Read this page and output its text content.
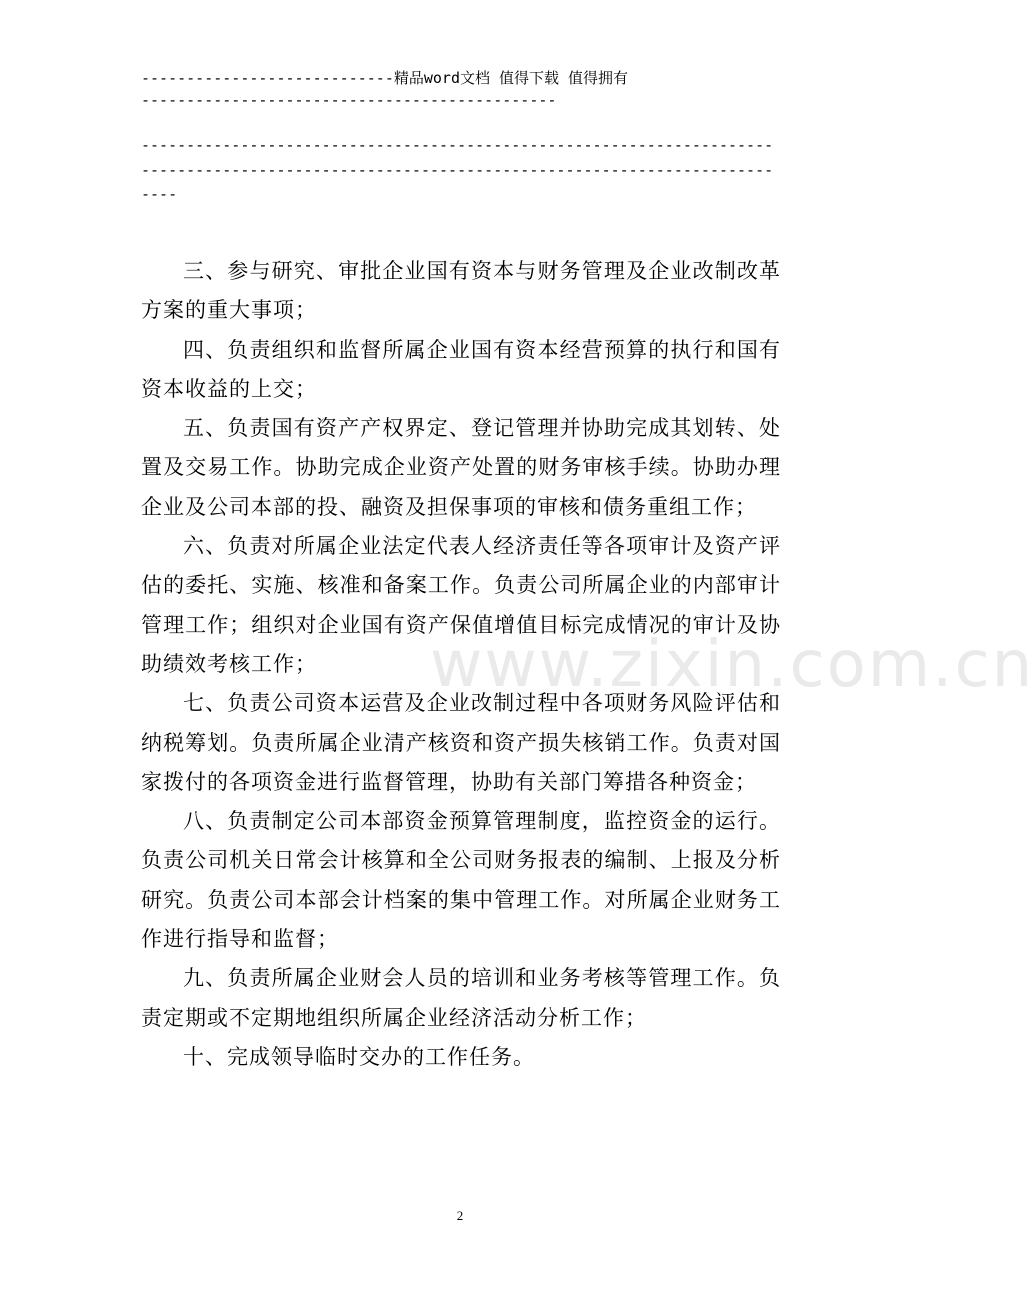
----------------------------精品word文档 值得下载 值得拥有
----------------------------------------------
----------------------------------------------------------------------
----------------------------------------------------------------------
----
www.zixin.com.cn

三、参与研究、审批企业国有资本与财务管理及企业改制改革方案的重大事项；

四、负责组织和监督所属企业国有资本经营预算的执行和国有资本收益的上交；

五、负责国有资产产权界定、登记管理并协助完成其划转、处置及交易工作。协助完成企业资产处置的财务审核手续。协助办理企业及公司本部的投、融资及担保事项的审核和债务重组工作；

六、负责对所属企业法定代表人经济责任等各项审计及资产评估的委托、实施、核准和备案工作。负责公司所属企业的内部审计管理工作；组织对企业国有资产保值增值目标完成情况的审计及协助绩效考核工作；

七、负责公司资本运营及企业改制过程中各项财务风险评估和纳税筹划。负责所属企业清产核资和资产损失核销工作。负责对国家拨付的各项资金进行监督管理，协助有关部门筹措各种资金；

八、负责制定公司本部资金预算管理制度，监控资金的运行。负责公司机关日常会计核算和全公司财务报表的编制、上报及分析研究。负责公司本部会计档案的集中管理工作。对所属企业财务工作进行指导和监督；

九、负责所属企业财会人员的培训和业务考核等管理工作。负责定期或不定期地组织所属企业经济活动分析工作；

十、完成领导临时交办的工作任务。

2
